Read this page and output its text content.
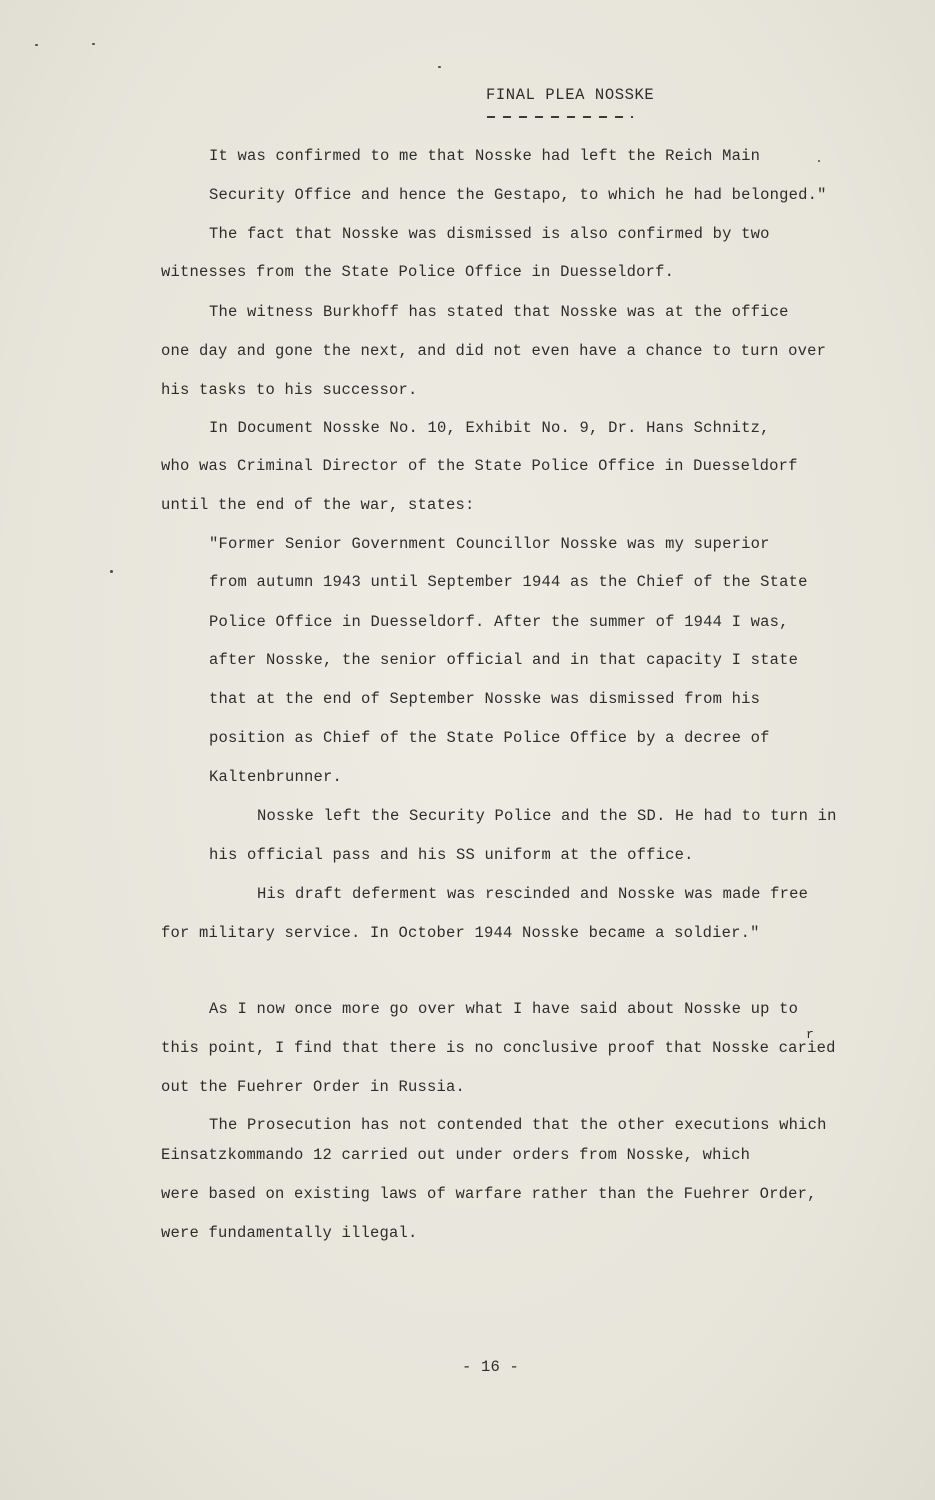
FINAL PLEA NOSSKE
It was confirmed to me that Nosske had left the Reich Main
Security Office and hence the Gestapo, to which he had belonged."
The fact that Nosske was dismissed is also confirmed by two
witnesses from the State Police Office in Duesseldorf.
The witness Burkhoff has stated that Nosske was at the office
one day and gone the next, and did not even have a chance to turn over
his tasks to his successor.
In Document Nosske No. 10, Exhibit No. 9, Dr. Hans Schnitz,
who was Criminal Director of the State Police Office in Duesseldorf
until the end of the war, states:
"Former Senior Government Councillor Nosske was my superior
from autumn 1943 until September 1944 as the Chief of the State
Police Office in Duesseldorf. After the summer of 1944 I was,
after Nosske, the senior official and in that capacity I state
that at the end of September Nosske was dismissed from his
position as Chief of the State Police Office by a decree of
Kaltenbrunner.
Nosske left the Security Police and the SD. He had to turn in
his official pass and his SS uniform at the office.
His draft deferment was rescinded and Nosske was made free
for military service. In October 1944 Nosske became a soldier."
As I now once more go over what I have said about Nosske up to
r
this point, I find that there is no conclusive proof that Nosske caried
out the Fuehrer Order in Russia.
The Prosecution has not contended that the other executions which
Einsatzkommando 12 carried out under orders from Nosske, which
were based on existing laws of warfare rather than the Fuehrer Order,
were fundamentally illegal.
- 16 -
